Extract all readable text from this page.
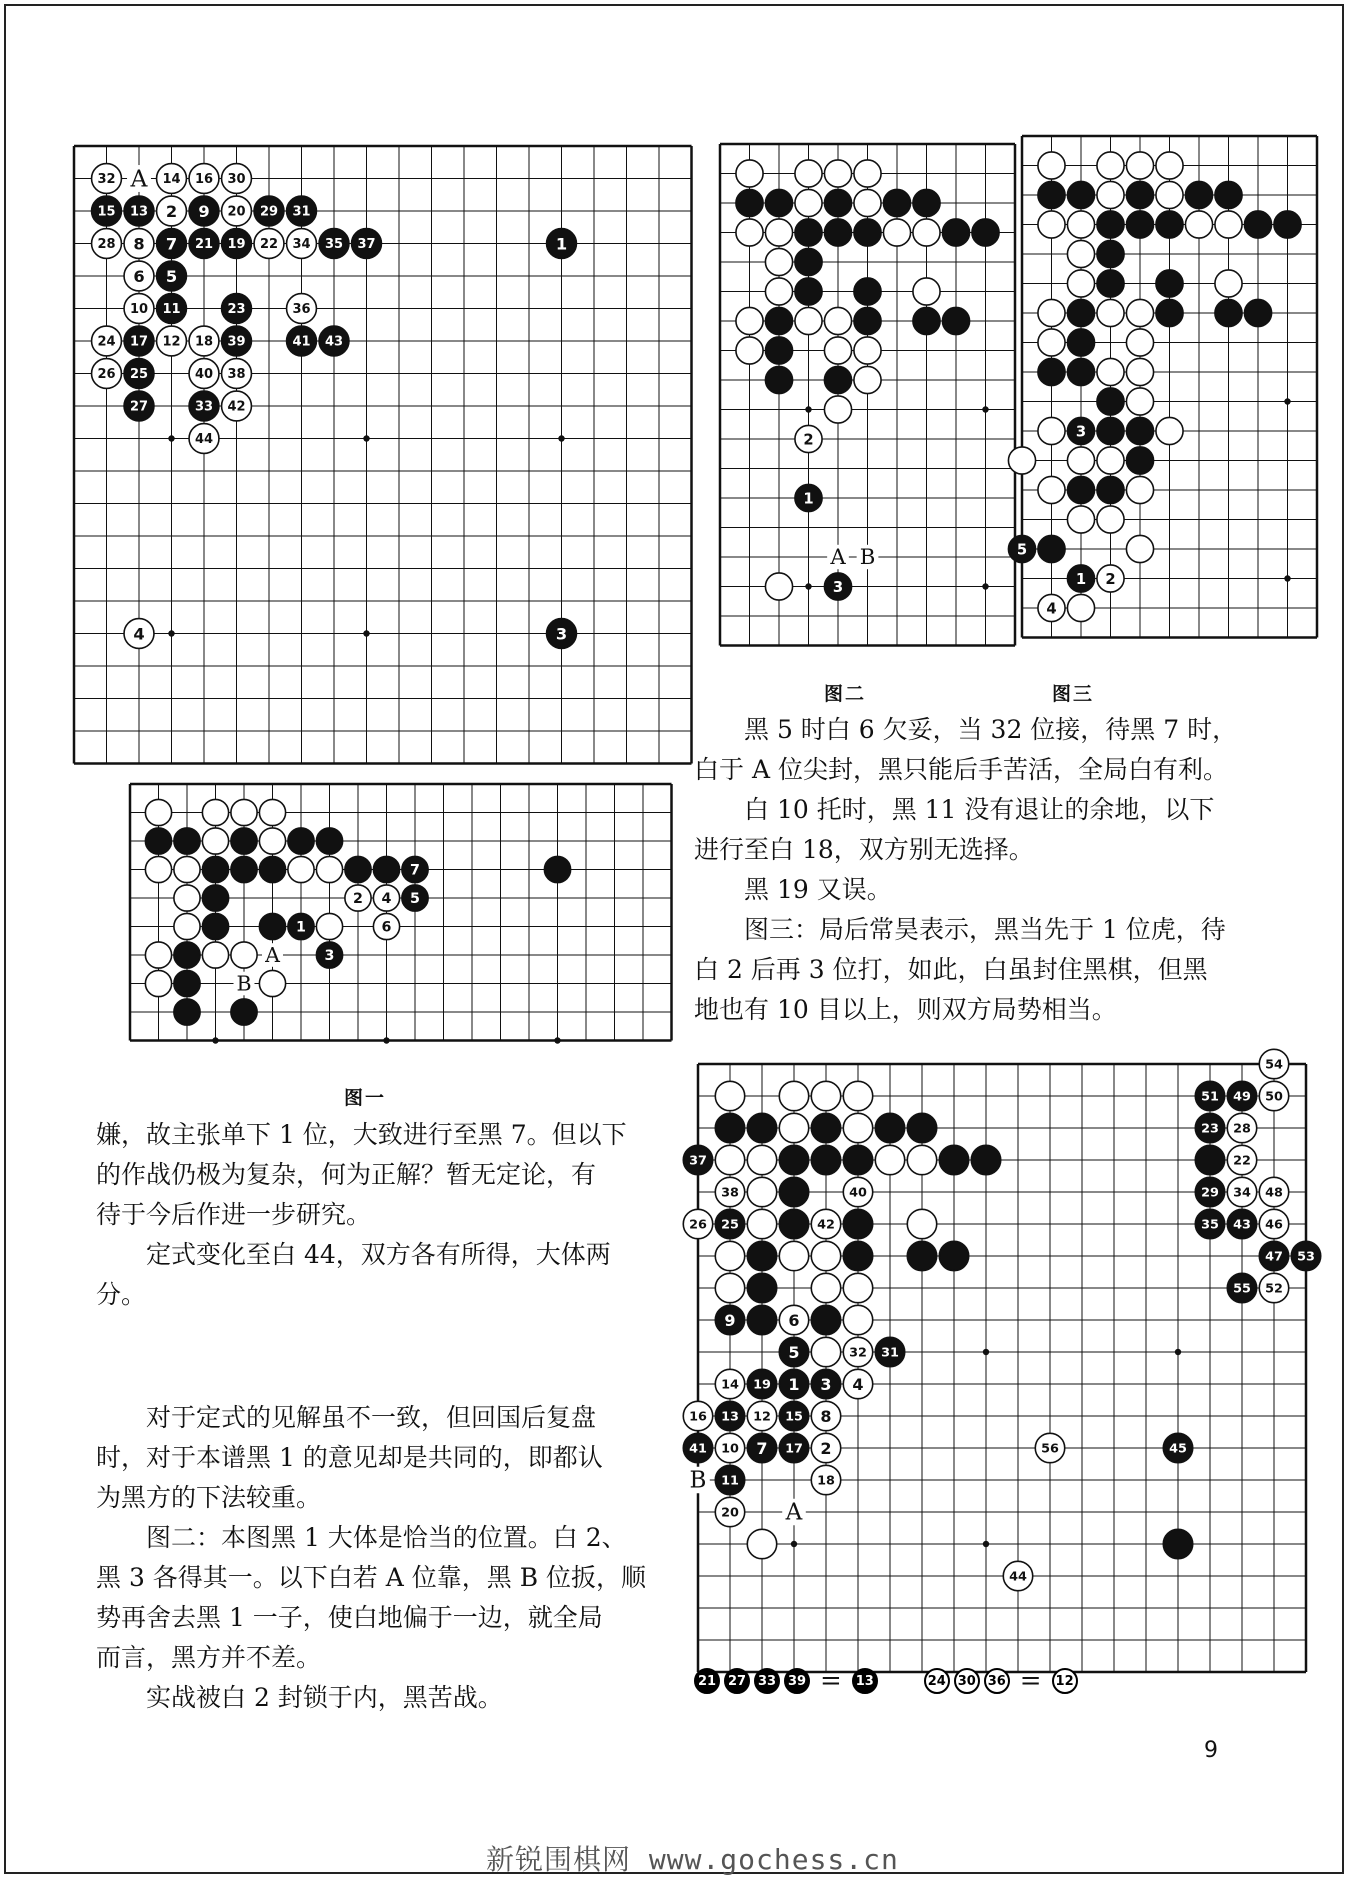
A
32	14 16 30
15 13 2 9 20 29 31
28 8 7 21 19 22 34 35 37	1
6 5
10 11	23	36
24 17 12 18 39	41 43
26 25	40 38
27	33 42
44
4	3
A
B
7
2 4 5
1	6
3
A B
2
1
3
3
5
1 2
4
B
A
51 49 50
54
23 28
37	22
38	40	29 34 48
26 25	42	35 43 46
47 53
55 52
9	6
5	32 31
14 19 1 3 4
16 13 12 15 8
41 10 7 17 2	56	45
11	18
20
44
图一
图二	图三

黑 5 时白 6 欠妥，当 32 位接，待黑 7 时，

白于 A 位尖封，黑只能后手苦活，全局白有利。

白 10 托时，黑 11 没有退让的余地，以下

进行至白 18，双方别无选择。

黑 19 又误。

图三：局后常昊表示，黑当先于 1 位虎，待

白 2 后再 3 位打，如此，白虽封住黑棋，但黑

地也有 10 目以上，则双方局势相当。

嫌，故主张单下 1 位，大致进行至黑 7。但以下

的作战仍极为复杂，何为正解？暂无定论，有

待于今后作进一步研究。

定式变化至白 44，双方各有所得，大体两

分。

对于定式的见解虽不一致，但回国后复盘

时，对于本谱黑 1 的意见却是共同的，即都认

为黑方的下法较重。

图二：本图黑 1 大体是恰当的位置。白 2、

黑 3 各得其一。以下白若 A 位靠，黑 B 位扳，顺

势再舍去黑 1 一子，使白地偏于一边，就全局

而言，黑方并不差。

实战被白 2 封锁于内，黑苦战。

21 27 33 39 =	13	24 30 36 =	12
9
新锐围棋网 www.gochess.cn
